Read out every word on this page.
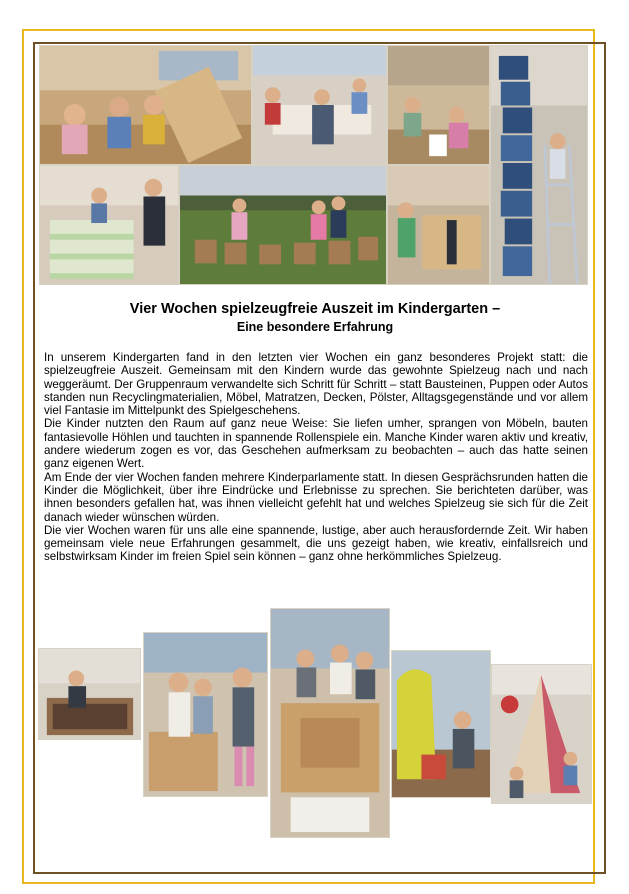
Vier Wochen spielzeugfreie Auszeit im Kindergarten –
Eine besondere Erfahrung

In unserem Kindergarten fand in den letzten vier Wochen ein ganz besonderes Projekt statt: die spielzeugfreie Auszeit. Gemeinsam mit den Kindern wurde das gewohnte Spielzeug nach und nach weggeräumt. Der Gruppenraum verwandelte sich Schritt für Schritt – statt Bausteinen, Puppen oder Autos standen nun Recyclingmaterialien, Möbel, Matratzen, Decken, Pölster, Alltagsgegenstände und vor allem viel Fantasie im Mittelpunkt des Spielgeschehens.

Die Kinder nutzten den Raum auf ganz neue Weise: Sie liefen umher, sprangen von Möbeln, bauten fantasievolle Höhlen und tauchten in spannende Rollenspiele ein. Manche Kinder waren aktiv und kreativ, andere wiederum zogen es vor, das Geschehen aufmerksam zu beobachten – auch das hatte seinen ganz eigenen Wert.

Am Ende der vier Wochen fanden mehrere Kinderparlamente statt. In diesen Gesprächsrunden hatten die Kinder die Möglichkeit, über ihre Eindrücke und Erlebnisse zu sprechen. Sie berichteten darüber, was ihnen besonders gefallen hat, was ihnen vielleicht gefehlt hat und welches Spielzeug sie sich für die Zeit danach wieder wünschen würden.

Die vier Wochen waren für uns alle eine spannende, lustige, aber auch herausfordernde Zeit. Wir haben gemeinsam viele neue Erfahrungen gesammelt, die uns gezeigt haben, wie kreativ, einfallsreich und selbstwirksam Kinder im freien Spiel sein können – ganz ohne herkömmliches Spielzeug.
